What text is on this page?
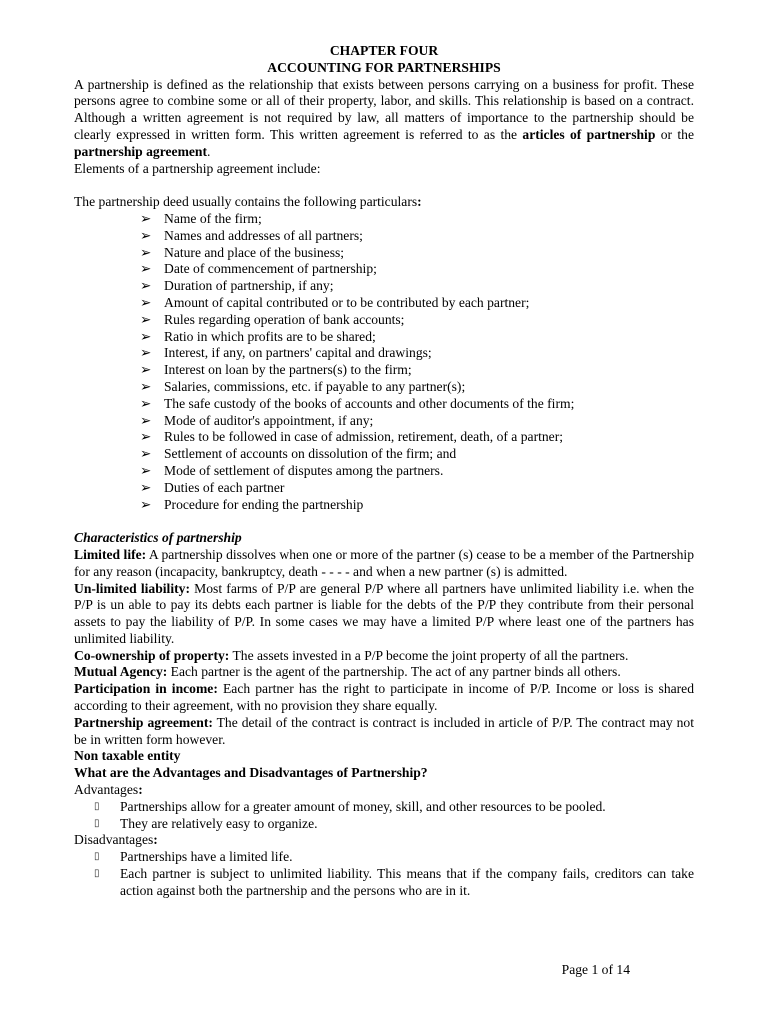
CHAPTER FOUR
ACCOUNTING FOR PARTNERSHIPS

A partnership is defined as the relationship that exists between persons carrying on a business for profit. These persons agree to combine some or all of their property, labor, and skills. This relationship is based on a contract. Although a written agreement is not required by law, all matters of importance to the partnership should be clearly expressed in written form. This written agreement is referred to as the articles of partnership or the partnership agreement.

Elements of a partnership agreement include:

The partnership deed usually contains the following particulars:

➢ Name of the firm;
➢ Names and addresses of all partners;
➢ Nature and place of the business;
➢ Date of commencement of partnership;
➢ Duration of partnership, if any;
➢ Amount of capital contributed or to be contributed by each partner;
➢ Rules regarding operation of bank accounts;
➢ Ratio in which profits are to be shared;
➢ Interest, if any, on partners' capital and drawings;
➢ Interest on loan by the partners(s) to the firm;
➢ Salaries, commissions, etc. if payable to any partner(s);
➢ The safe custody of the books of accounts and other documents of the firm;
➢ Mode of auditor's appointment, if any;
➢ Rules to be followed in case of admission, retirement, death, of a partner;
➢ Settlement of accounts on dissolution of the firm; and
➢ Mode of settlement of disputes among the partners.
➢ Duties of each partner
➢ Procedure for ending the partnership

Characteristics of partnership

Limited life: A partnership dissolves when one or more of the partner (s) cease to be a member of the Partnership for any reason (incapacity, bankruptcy, death - - - - and when a new partner (s) is admitted.

Un-limited liability: Most farms of P/P are general P/P where all partners have unlimited liability i.e. when the P/P is un able to pay its debts each partner is liable for the debts of the P/P they contribute from their personal assets to pay the liability of P/P. In some cases we may have a limited P/P where least one of the partners has unlimited liability.

Co-ownership of property: The assets invested in a P/P become the joint property of all the partners.

Mutual Agency: Each partner is the agent of the partnership. The act of any partner binds all others.

Participation in income: Each partner has the right to participate in income of P/P. Income or loss is shared according to their agreement, with no provision they share equally.

Partnership agreement: The detail of the contract is contract is included in article of P/P. The contract may not be in written form however.

Non taxable entity

What are the Advantages and Disadvantages of Partnership?

Advantages:

▯ Partnerships allow for a greater amount of money, skill, and other resources to be pooled.
▯ They are relatively easy to organize.

Disadvantages:

▯ Partnerships have a limited life.
▯ Each partner is subject to unlimited liability. This means that if the company fails, creditors can take action against both the partnership and the persons who are in it.
Page 1 of 14
